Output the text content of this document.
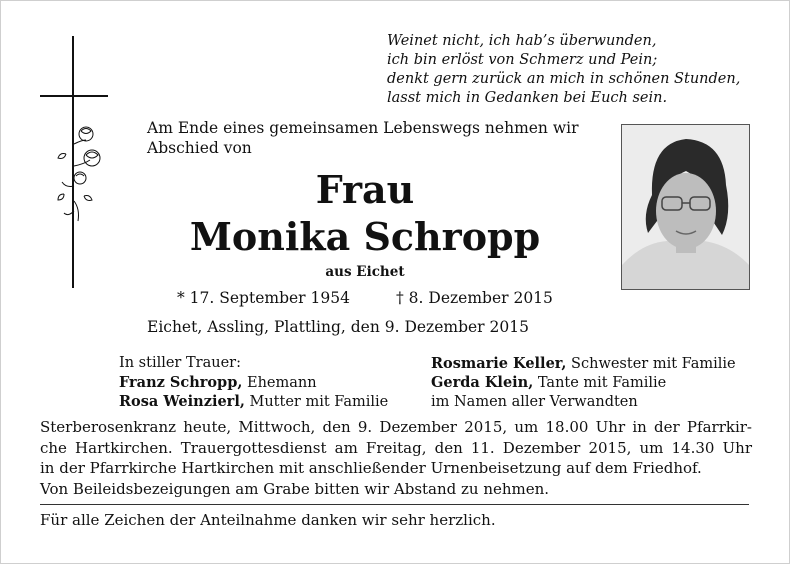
Weinet nicht, ich hab’s überwunden,
ich bin erlöst von Schmerz und Pein;
denkt gern zurück an mich in schönen Stunden,
lasst mich in Gedanken bei Euch sein.
Am Ende eines gemeinsamen Lebenswegs nehmen wir
Abschied von
Frau
Monika Schropp
aus Eichet
* 17. September 1954	† 8. Dezember 2015
Eichet, Assling, Plattling, den 9. Dezember 2015
In stiller Trauer:
Franz Schropp, Ehemann
Rosa Weinzierl, Mutter mit Familie
Rosmarie Keller, Schwester mit Familie
Gerda Klein, Tante mit Familie
im Namen aller Verwandten
Sterberosenkranz heute, Mittwoch, den 9. Dezember 2015, um 18.00 Uhr in der Pfarrkir-
che Hartkirchen. Trauergottesdienst am Freitag, den 11. Dezember 2015, um 14.30 Uhr
in der Pfarrkirche Hartkirchen mit anschließender Urnenbeisetzung auf dem Friedhof.
Von Beileidsbezeigungen am Grabe bitten wir Abstand zu nehmen.
Für alle Zeichen der Anteilnahme danken wir sehr herzlich.
